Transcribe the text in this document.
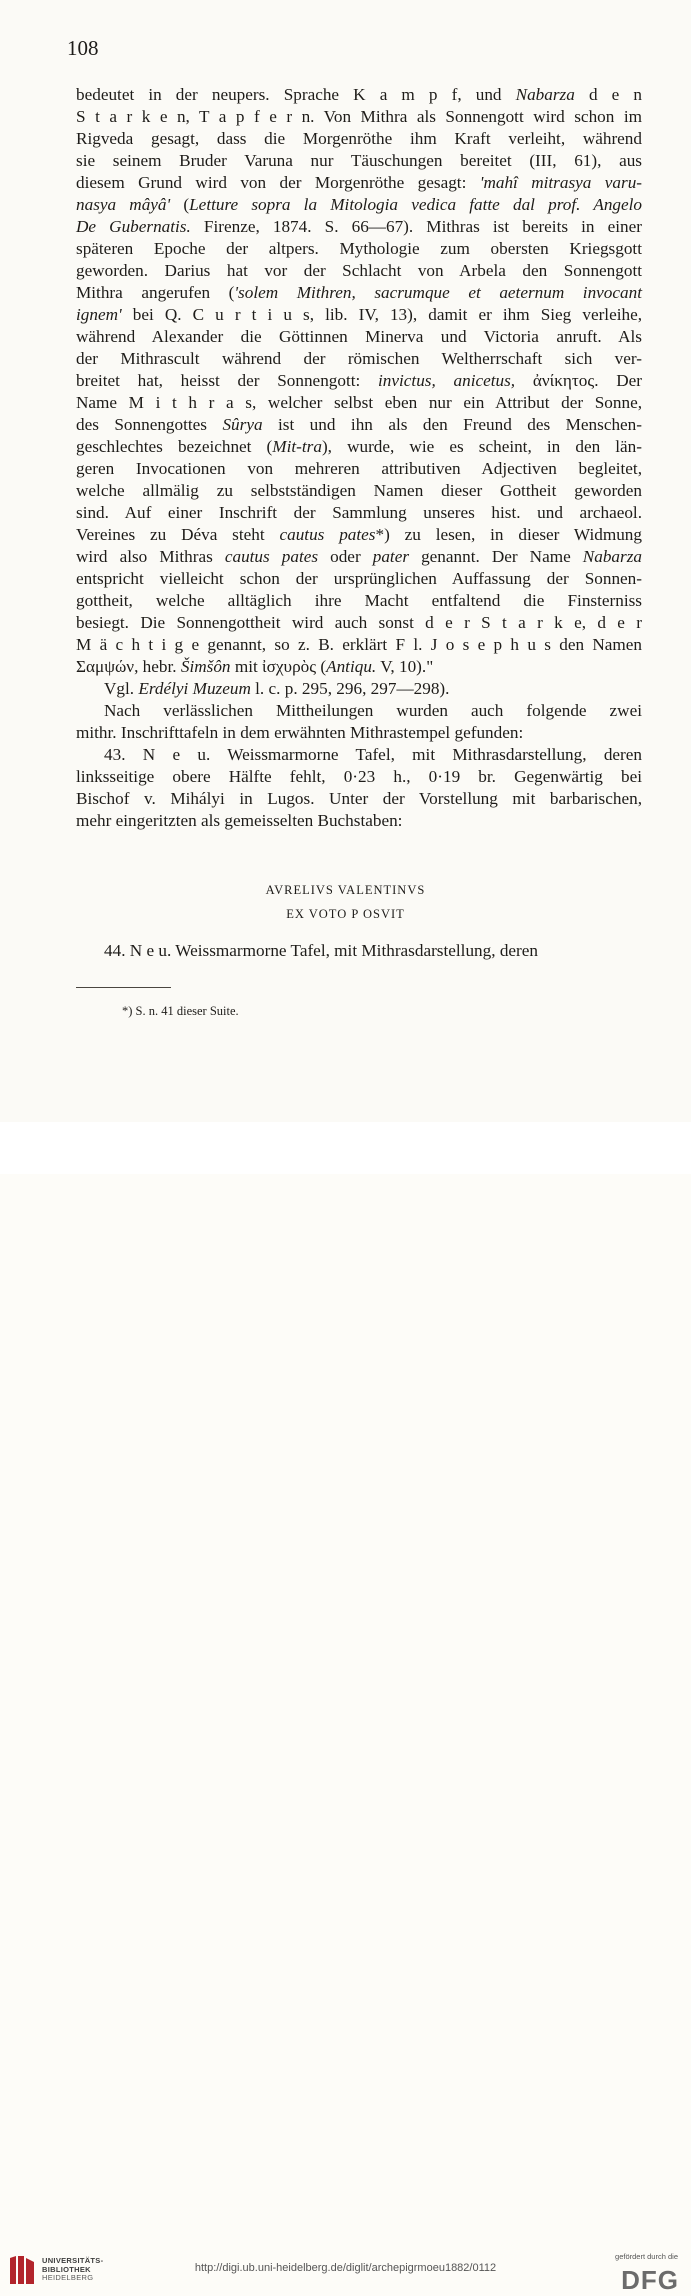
108
bedeutet in der neupers. Sprache K a m p f, und Nabarza d e n
S t a r k e n, T a p f e r n. Von Mithra als Sonnengott wird schon im
Rigveda gesagt, dass die Morgenröthe ihm Kraft verleiht, während
sie seinem Bruder Varuna nur Täuschungen bereitet (III, 61), aus
diesem Grund wird von der Morgenröthe gesagt: 'mahî mitrasya varu-
nasya mâyâ' (Letture sopra la Mitologia vedica fatte dal prof. Angelo
De Gubernatis. Firenze, 1874. S. 66—67). Mithras ist bereits in einer
späteren Epoche der altpers. Mythologie zum obersten Kriegsgott
geworden. Darius hat vor der Schlacht von Arbela den Sonnengott
Mithra angerufen ('solem Mithren, sacrumque et aeternum invocant
ignem' bei Q. C u r t i u s, lib. IV, 13), damit er ihm Sieg verleihe,
während Alexander die Göttinnen Minerva und Victoria anruft. Als
der Mithrascult während der römischen Weltherrschaft sich ver-
breitet hat, heisst der Sonnengott: invictus, anicetus, ἀνίκητος. Der
Name M i t h r a s, welcher selbst eben nur ein Attribut der Sonne,
des Sonnengottes Sûrya ist und ihn als den Freund des Menschen-
geschlechtes bezeichnet (Mit-tra), wurde, wie es scheint, in den län-
geren Invocationen von mehreren attributiven Adjectiven begleitet,
welche allmälig zu selbstständigen Namen dieser Gottheit geworden
sind. Auf einer Inschrift der Sammlung unseres hist. und archaeol.
Vereines zu Déva steht cautus pates*) zu lesen, in dieser Widmung
wird also Mithras cautus pates oder pater genannt. Der Name Nabarza
entspricht vielleicht schon der ursprünglichen Auffassung der Sonnen-
gottheit, welche alltäglich ihre Macht entfaltend die Finsterniss
besiegt. Die Sonnengottheit wird auch sonst d e r S t a r k e, d e r
M ä c h t i g e genannt, so z. B. erklärt F l. J o s e p h u s den Namen
Σαμψών, hebr. Šimšôn mit ἰσχυρὸς (Antiqu. V, 10)."
Vgl. Erdélyi Muzeum l. c. p. 295, 296, 297—298).
Nach verlässlichen Mittheilungen wurden auch folgende zwei
mithr. Inschrifttafeln in dem erwähnten Mithrastempel gefunden:
43. N e u. Weissmarmorne Tafel, mit Mithrasdarstellung, deren
linksseitige obere Hälfte fehlt, 0·23 h., 0·19 br. Gegenwärtig bei
Bischof v. Mihályi in Lugos. Unter der Vorstellung mit barbarischen,
mehr eingeritzten als gemeisselten Buchstaben:
AVRELIVS VALENTINVS
EX VOTO P OSVIT
44. N e u. Weissmarmorne Tafel, mit Mithrasdarstellung, deren
*) S. n. 41 dieser Suite.
UNIVERSITÄTS-
BIBLIOTHEK
HEIDELBERG
http://digi.ub.uni-heidelberg.de/diglit/archepigrmoeu1882/0112
gefördert durch die
DFG
